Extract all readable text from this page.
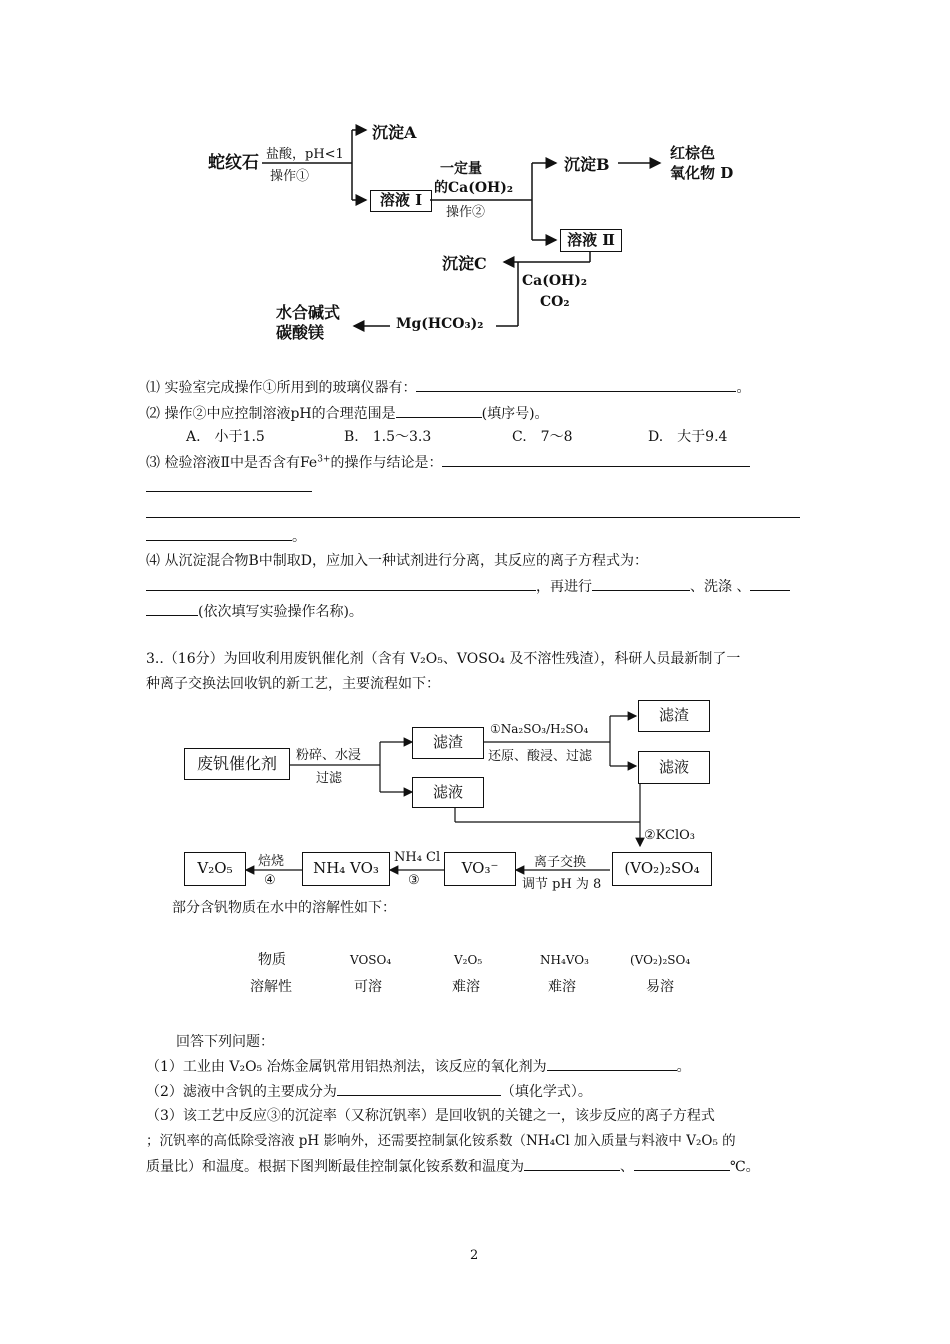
蛇纹石 盐酸，pH<1
操作①
沉淀A
溶液 Ⅰ
一定量
的Ca(OH)₂
操作②
沉淀B
红棕色
氧化物 D
溶液 Ⅱ
沉淀C
Ca(OH)₂
CO₂
Mg(HCO₃)₂
水合碱式
碳酸镁
⑴ 实验室完成操作①所用到的玻璃仪器有：	。
⑵ 操作②中应控制溶液pH的合理范围是	(填序号)。
A.　小于1.5	B.　1.5～3.3	C.　7～8	D.　大于9.4
⑶ 检验溶液Ⅱ中是否含有$Fe^{3+}$的操作与结论是：
。
⑷ 从沉淀混合物B中制取D，应加入一种试剂进行分离，其反应的离子方程式为：
，再进行	、洗涤 、
(依次填写实验操作名称)。
3..（16分）为回收利用废钒催化剂（含有 V₂O₅、VOSO₄ 及不溶性残渣），科研人员最新制了一
种离子交换法回收钒的新工艺，主要流程如下：
废钒催化剂	粉碎、水浸
过滤
滤渣
滤液
①Na₂SO₃/H₂SO₄
还原、酸浸、过滤
滤渣
滤液
②KClO₃
(VO₂)₂SO₄
离子交换
调节 pH 为 8
VO₃⁻
NH₄ Cl
③
NH₄ VO₃
焙烧
④
V₂O₅
部分含钒物质在水中的溶解性如下：
物质	VOSO₄	V₂O₅	NH₄VO₃	(VO₂)₂SO₄
溶解性	可溶	难溶	难溶	易溶
回答下列问题：
（1）工业由 V₂O₅ 冶炼金属钒常用铝热剂法，该反应的氧化剂为	。
（2）滤液中含钒的主要成分为	（填化学式）。
（3）该工艺中反应③的沉淀率（又称沉钒率）是回收钒的关键之一，该步反应的离子方程式
；沉钒率的高低除受溶液 pH 影响外，还需要控制氯化铵系数（NH₄Cl 加入质量与料液中 V₂O₅ 的
质量比）和温度。根据下图判断最佳控制氯化铵系数和温度为	、	℃。
2
